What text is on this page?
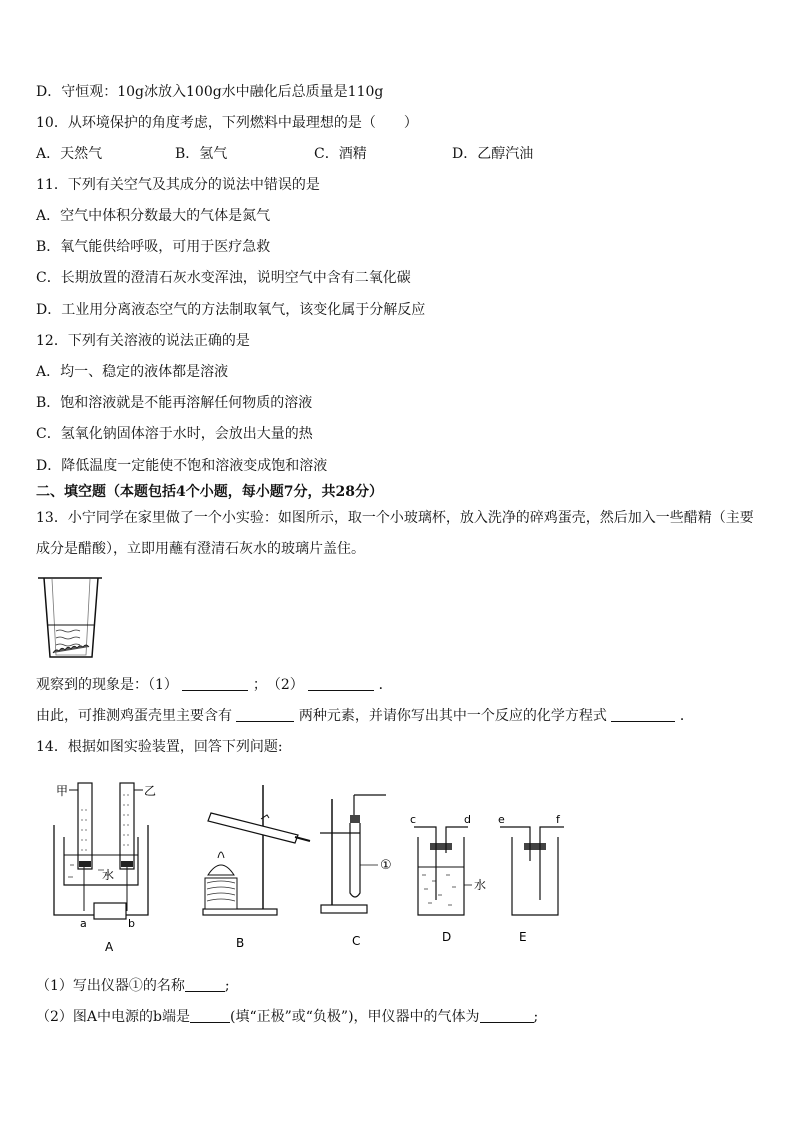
D．守恒观：10g冰放入100g水中融化后总质量是110g
10．从环境保护的角度考虑，下列燃料中最理想的是（　　）
A．天然气	B．氢气	C．酒精	D．乙醇汽油
11．下列有关空气及其成分的说法中错误的是
A．空气中体积分数最大的气体是氮气
B．氧气能供给呼吸，可用于医疗急救
C．长期放置的澄清石灰水变浑浊，说明空气中含有二氧化碳
D．工业用分离液态空气的方法制取氧气，该变化属于分解反应
12．下列有关溶液的说法正确的是
A．均一、稳定的液体都是溶液
B．饱和溶液就是不能再溶解任何物质的溶液
C．氢氧化钠固体溶于水时，会放出大量的热
D．降低温度一定能使不饱和溶液变成饱和溶液
二、填空题（本题包括4个小题，每小题7分，共28分）
13．小宁同学在家里做了一个小实验：如图所示，取一个小玻璃杯，放入洗净的碎鸡蛋壳，然后加入一些醋精（主要
成分是醋酸），立即用蘸有澄清石灰水的玻璃片盖住。
观察到的现象是：（1）	；　（2）	．
由此，可推测鸡蛋壳里主要含有	两种元素，并请你写出其中一个反应的化学方程式	．
14．根据如图实验装置，回答下列问题:
甲	乙
水
a	b
A	B
①
C
c	d
水
D
e	f
E
（1）写出仪器①的名称	;
（2）图A中电源的b端是	(填“正极”或“负极”)，甲仪器中的气体为	;
